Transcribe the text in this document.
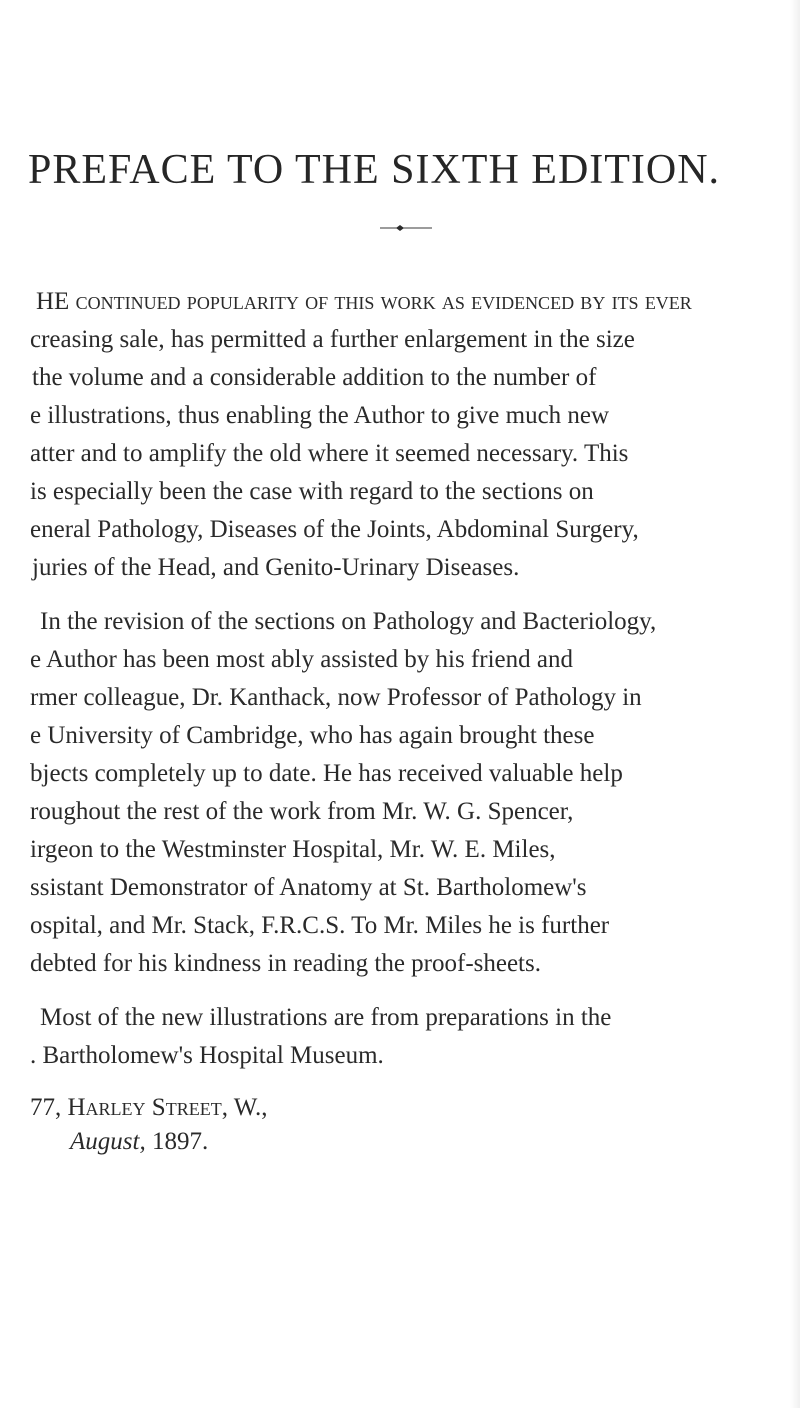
PREFACE TO THE SIXTH EDITION.
HE continued popularity of this work as evidenced by its ever
creasing sale, has permitted a further enlargement in the size
the volume and a considerable addition to the number of
e illustrations, thus enabling the Author to give much new
atter and to amplify the old where it seemed necessary. This
is especially been the case with regard to the sections on
eneral Pathology, Diseases of the Joints, Abdominal Surgery,
juries of the Head, and Genito-Urinary Diseases.
In the revision of the sections on Pathology and Bacteriology,
e Author has been most ably assisted by his friend and
rmer colleague, Dr. Kanthack, now Professor of Pathology in
e University of Cambridge, who has again brought these
bjects completely up to date. He has received valuable help
roughout the rest of the work from Mr. W. G. Spencer,
irgeon to the Westminster Hospital, Mr. W. E. Miles,
ssistant Demonstrator of Anatomy at St. Bartholomew's
ospital, and Mr. Stack, F.R.C.S. To Mr. Miles he is further
debted for his kindness in reading the proof-sheets.
Most of the new illustrations are from preparations in the
. Bartholomew's Hospital Museum.
77, Harley Street, W.,
August, 1897.
